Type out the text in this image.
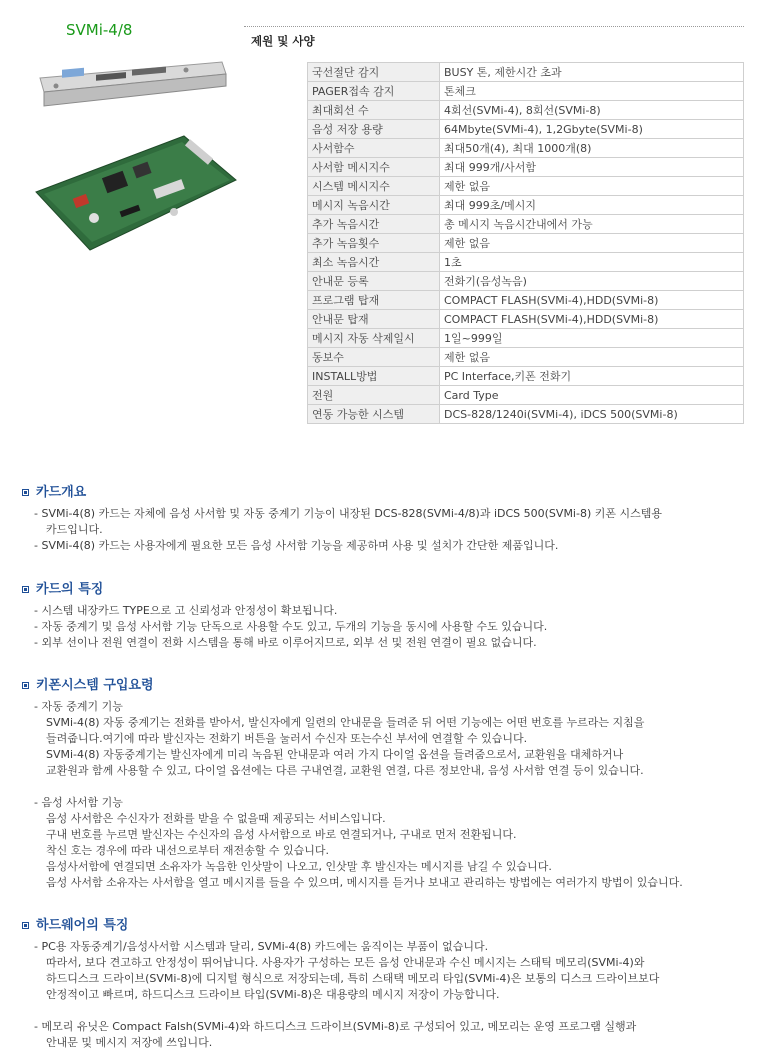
SVMi-4/8
제원 및 사양
국선절단 감지	BUSY 톤, 제한시간 초과
PAGER접속 감지	톤체크
최대회선 수	4회선(SVMi-4), 8회선(SVMi-8)
음성 저장 용량	64Mbyte(SVMi-4), 1,2Gbyte(SVMi-8)
사서함수	최대50개(4), 최대 1000개(8)
사서함 메시지수	최대 999개/사서함
시스템 메시지수	제한 없음
메시지 녹음시간	최대 999초/메시지
추가 녹음시간	총 메시지 녹음시간내에서 가능
추가 녹음횟수	제한 없음
최소 녹음시간	1초
안내문 등록	전화기(음성녹음)
프로그램 탑재	COMPACT FLASH(SVMi-4),HDD(SVMi-8)
안내문 탑재	COMPACT FLASH(SVMi-4),HDD(SVMi-8)
메시지 자동 삭제일시	1일~999일
동보수	제한 없음
INSTALL방법	PC Interface,키폰 전화기
전원	Card Type
연동 가능한 시스템	DCS-828/1240i(SVMi-4), iDCS 500(SVMi-8)
카드개요
- SVMi-4(8) 카드는 자체에 음성 사서함 및 자동 중계기 기능이 내장된 DCS-828(SVMi-4/8)과 iDCS 500(SVMi-8) 키폰 시스템용
카드입니다.
- SVMi-4(8) 카드는 사용자에게 필요한 모든 음성 사서함 기능을 제공하며 사용 및 설치가 간단한 제품입니다.
카드의 특징
- 시스템 내장카드 TYPE으로 고 신뢰성과 안정성이 확보됩니다.
- 자동 중계기 및 음성 사서함 기능 단독으로 사용할 수도 있고, 두개의 기능을 동시에 사용할 수도 있습니다.
- 외부 선이나 전원 연결이 전화 시스템을 통해 바로 이루어지므로, 외부 선 및 전원 연결이 필요 없습니다.
키폰시스템 구입요령
- 자동 중계기 기능
SVMi-4(8) 자동 중계기는 전화를 받아서, 발신자에게 일련의 안내문을 들려준 뒤 어떤 기능에는 어떤 번호를 누르라는 지침을
들려줍니다.여기에 따라 발신자는 전화기 버튼을 눌러서 수신자 또는수신 부서에 연결할 수 있습니다.
SVMi-4(8) 자동중계기는 발신자에게 미리 녹음된 안내문과 여러 가지 다이얼 옵션을 들려줌으로서, 교환원을 대체하거나
교환원과 함께 사용할 수 있고, 다이얼 옵션에는 다른 구내연결, 교환원 연결, 다른 정보안내, 음성 사서함 연결 등이 있습니다.
- 음성 사서함 기능
음성 사서함은 수신자가 전화를 받을 수 없을때 제공되는 서비스입니다.
구내 번호를 누르면 발신자는 수신자의 음성 사서함으로 바로 연결되거나, 구내로 먼저 전환됩니다.
착신 호는 경우에 따라 내선으로부터 재전송할 수 있습니다.
음성사서함에 연결되면 소유자가 녹음한 인삿말이 나오고, 인삿말 후 발신자는 메시지를 남길 수 있습니다.
음성 사서함 소유자는 사서함을 열고 메시지를 들을 수 있으며, 메시지를 듣거나 보내고 관리하는 방법에는 여러가지 방법이 있습니다.
하드웨어의 특징
- PC용 자동중계기/음성사서함 시스템과 달리, SVMi-4(8) 카드에는 움직이는 부품이 없습니다.
따라서, 보다 견고하고 안정성이 뛰어납니다. 사용자가 구성하는 모든 음성 안내문과 수신 메시지는 스태틱 메모리(SVMi-4)와
하드디스크 드라이브(SVMi-8)에 디지털 형식으로 저장되는데, 특히 스태택 메모리 타입(SVMi-4)은 보통의 디스크 드라이브보다
안정적이고 빠르며, 하드디스크 드라이브 타입(SVMi-8)은 대용량의 메시지 저장이 가능합니다.
- 메모리 유닛은 Compact Falsh(SVMi-4)와 하드디스크 드라이브(SVMi-8)로 구성되어 있고, 메모리는 운영 프로그램 실행과
안내문 및 메시지 저장에 쓰입니다.
